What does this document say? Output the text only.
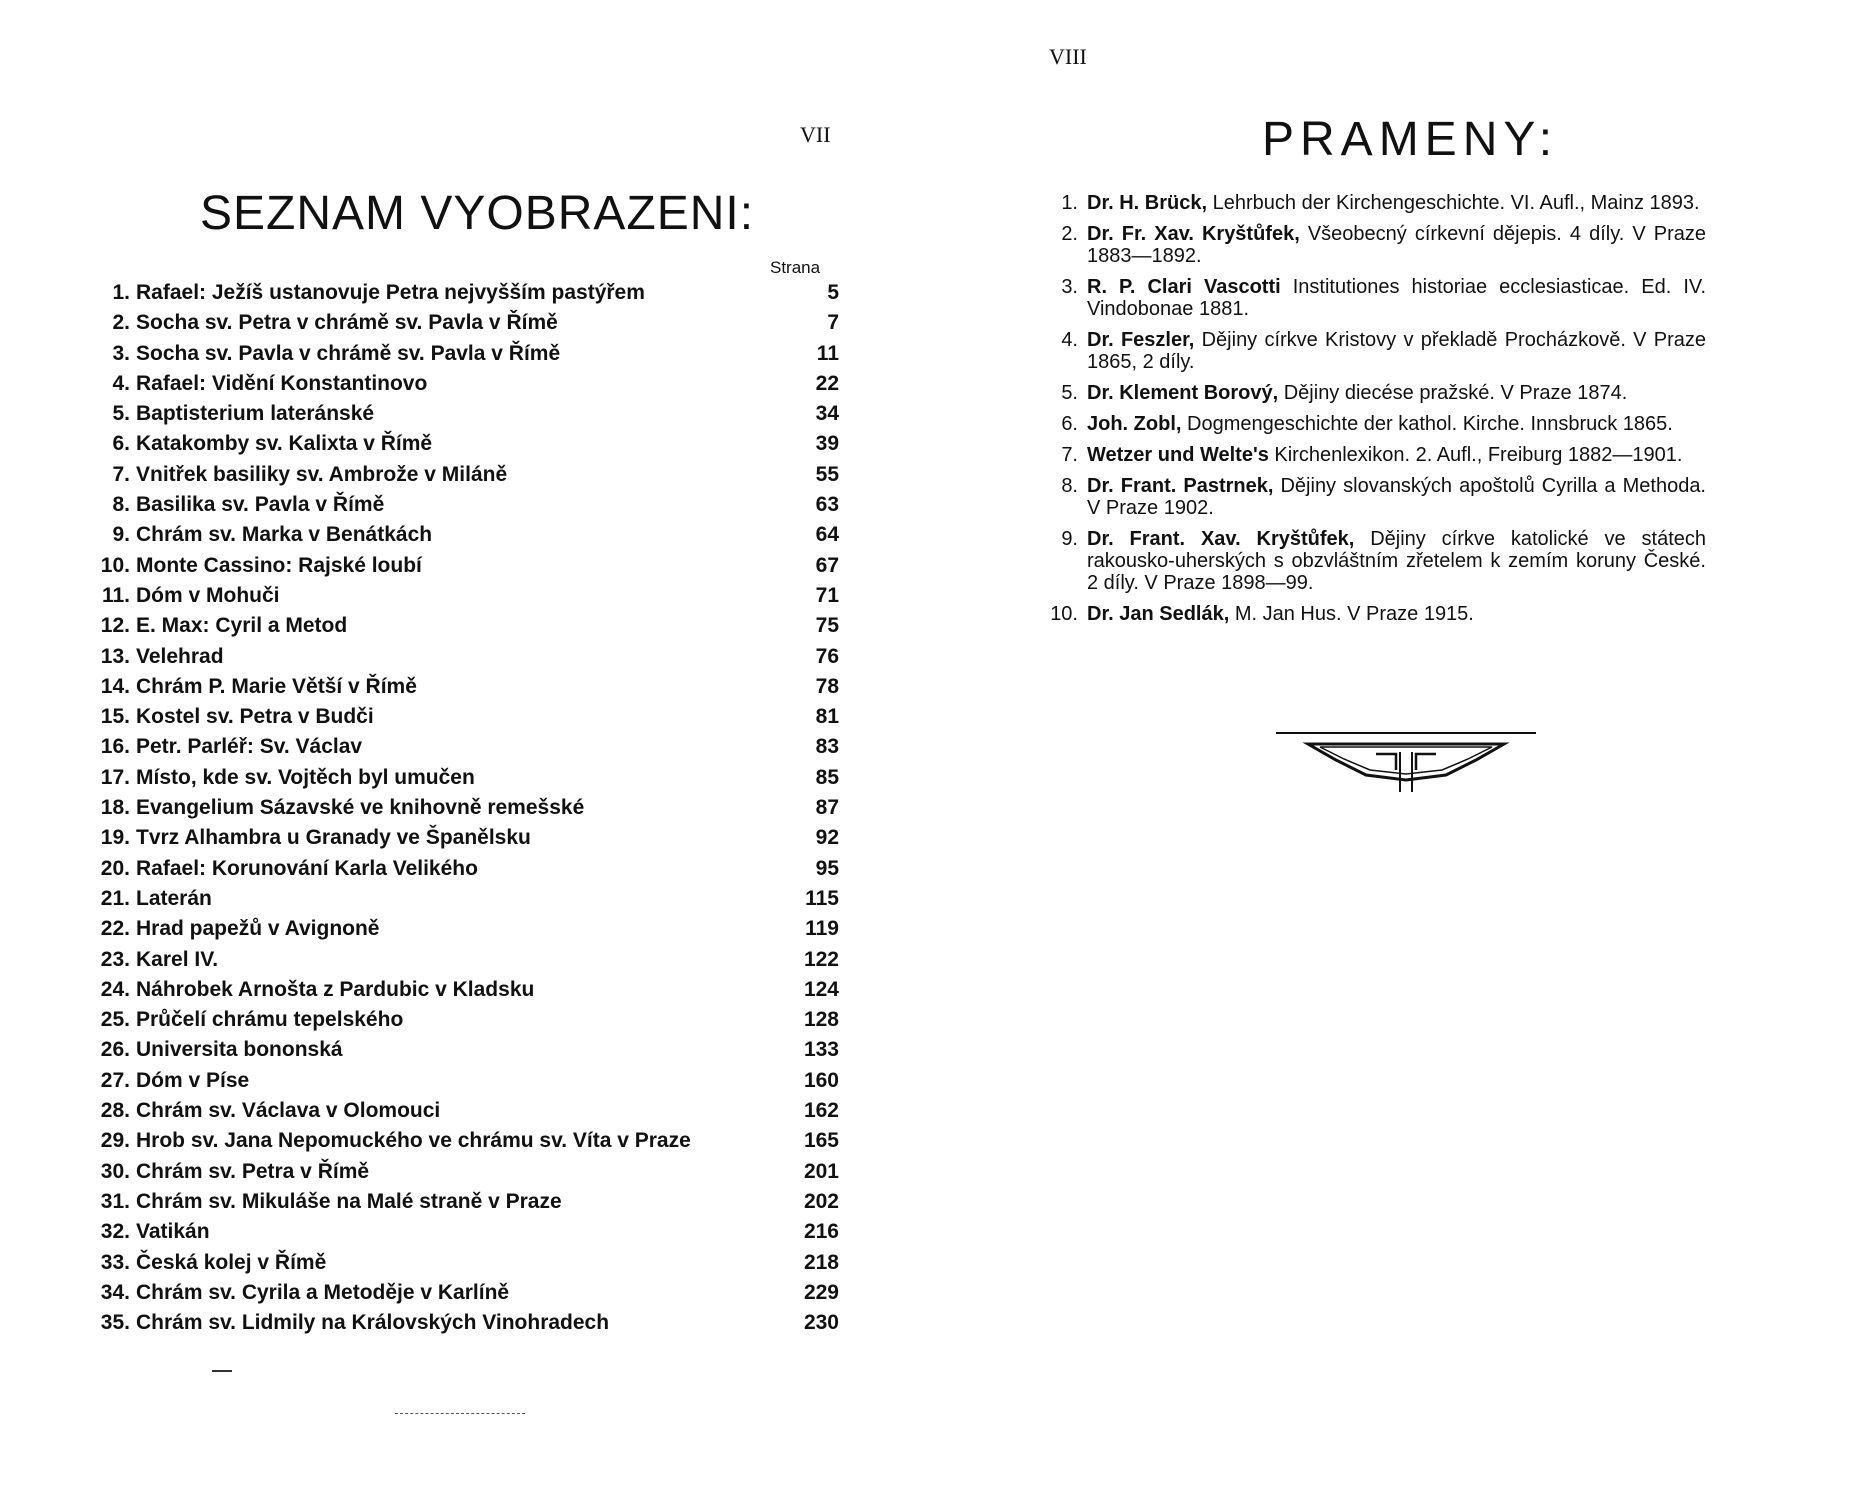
VII
SEZNAM VYOBRAZENI:
Strana
1. Rafael: Ježíš ustanovuje Petra nejvyšším pastýřem	5
2. Socha sv. Petra v chrámě sv. Pavla v Římě	7
3. Socha sv. Pavla v chrámě sv. Pavla v Římě	11
4. Rafael: Vidění Konstantinovo	22
5. Baptisterium lateránské	34
6. Katakomby sv. Kalixta v Římě	39
7. Vnitřek basiliky sv. Ambrože v Miláně	55
8. Basilika sv. Pavla v Římě	63
9. Chrám sv. Marka v Benátkách	64
10. Monte Cassino: Rajské loubí	67
11. Dóm v Mohuči	71
12. E. Max: Cyril a Metod	75
13. Velehrad	76
14. Chrám P. Marie Větší v Římě	78
15. Kostel sv. Petra v Budči	81
16. Petr. Parléř: Sv. Václav	83
17. Místo, kde sv. Vojtěch byl umučen	85
18. Evangelium Sázavské ve knihovně remešské	87
19. Tvrz Alhambra u Granady ve Španělsku	92
20. Rafael: Korunování Karla Velikého	95
21. Laterán	115
22. Hrad papežů v Avignoně	119
23. Karel IV.	122
24. Náhrobek Arnošta z Pardubic v Kladsku	124
25. Průčelí chrámu tepelského	128
26. Universita bononská	133
27. Dóm v Píse	160
28. Chrám sv. Václava v Olomouci	162
29. Hrob sv. Jana Nepomuckého ve chrámu sv. Víta v Praze	165
30. Chrám sv. Petra v Římě	201
31. Chrám sv. Mikuláše na Malé straně v Praze	202
32. Vatikán	216
33. Česká kolej v Římě	218
34. Chrám sv. Cyrila a Metoděje v Karlíně	229
35. Chrám sv. Lidmily na Královských Vinohradech	230
VIII
PRAMENY:
1. Dr. H. Brück, Lehrbuch der Kirchengeschichte. VI. Aufl., Mainz 1893.
2. Dr. Fr. Xav. Kryštůfek, Všeobecný církevní dějepis. 4 díly. V Praze 1883—1892.
3. R. P. Clari Vascotti Institutiones historiae ecclesiasticae. Ed. IV. Vindobonae 1881.
4. Dr. Feszler, Dějiny církve Kristovy v překladě Procházkově. V Praze 1865, 2 díly.
5. Dr. Klement Borový, Dějiny diecése pražské. V Praze 1874.
6. Joh. Zobl, Dogmengeschichte der kathol. Kirche. Innsbruck 1865.
7. Wetzer und Welte's Kirchenlexikon. 2. Aufl., Freiburg 1882—1901.
8. Dr. Frant. Pastrnek, Dějiny slovanských apoštolů Cyrilla a Methoda. V Praze 1902.
9. Dr. Frant. Xav. Kryštůfek, Dějiny církve katolické ve státech rakousko-uherských s obzvláštním zřetelem k zemím koruny České. 2 díly. V Praze 1898—99.
10. Dr. Jan Sedlák, M. Jan Hus. V Praze 1915.
